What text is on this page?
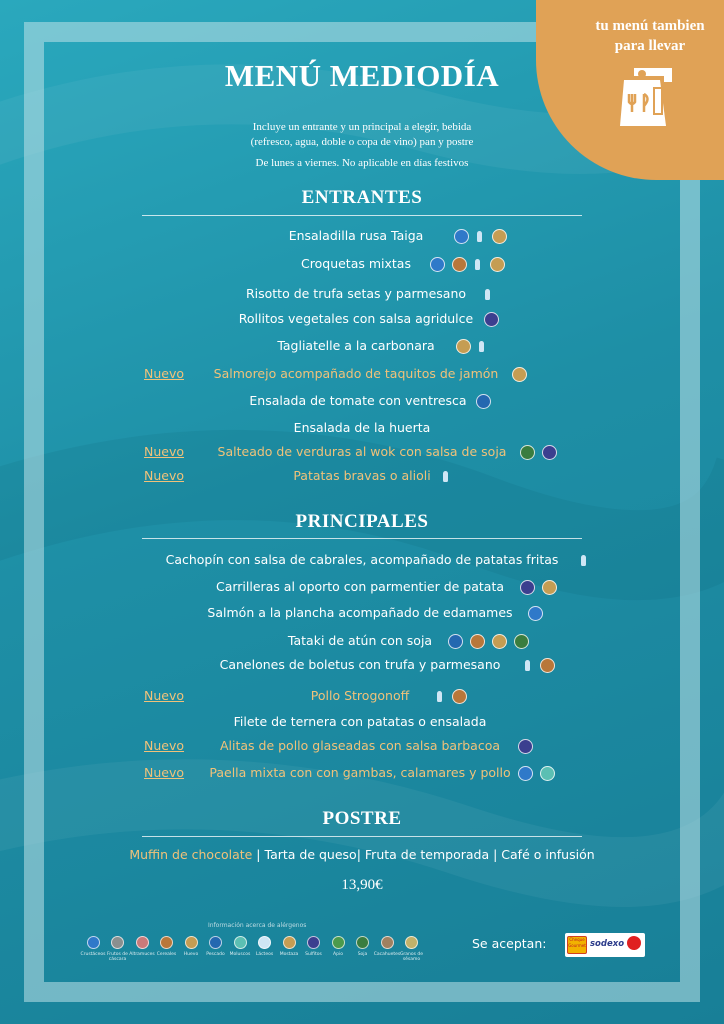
tu menú tambien
para llevar
MENÚ MEDIODÍA
Incluye un entrante y un principal a elegir, bebida
(refresco, agua, doble o copa de vino) pan y postre
De lunes a viernes. No aplicable en días festivos
ENTRANTES
Ensaladilla rusa Taiga
Croquetas mixtas
Risotto de trufa setas y parmesano
Rollitos vegetales con salsa agridulce
Tagliatelle a la carbonara
Nuevo Salmorejo acompañado de taquitos de jamón
Ensalada de tomate con ventresca
Ensalada de la huerta
Nuevo	Salteado de verduras al wok con salsa de soja
Nuevo	Patatas bravas o alioli
PRINCIPALES
Cachopín con salsa de cabrales, acompañado de patatas fritas
Carrilleras al oporto con parmentier de patata
Salmón a la plancha acompañado de edamames
Tataki de atún con soja
Canelones de boletus con trufa y parmesano
Nuevo	Pollo Strogonoff
Filete de ternera con patatas o ensalada
Nuevo	Alitas de pollo glaseadas con salsa barbacoa
Nuevo Paella mixta con con gambas, calamares y pollo
POSTRE
Muffin de chocolate | Tarta de queso| Fruta de temporada | Café o infusión
13,90€
Información acerca de alérgenos
Crustáceos Frutos de cáscara
Altramuces Cereales	Huevo	Pescado	Moluscos	Lácteos	Mostaza	Sulfitos	Apio	Soja	Cacahuetes Granos de sésamo
Se aceptan:	Cheque Gourmet sodexo
